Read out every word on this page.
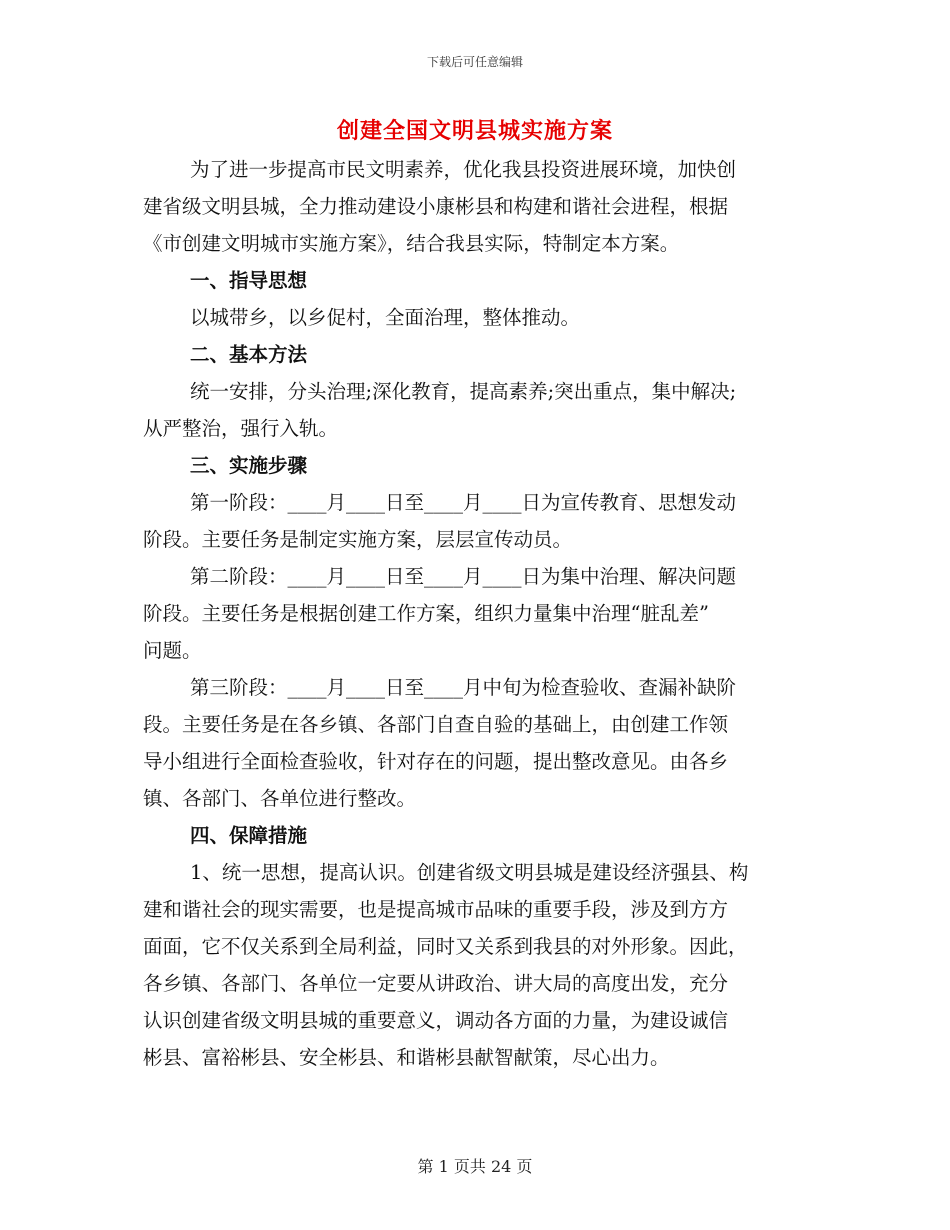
下载后可任意编辑
创建全国文明县城实施方案
为了进一步提高市民文明素养，优化我县投资进展环境，加快创
建省级文明县城，全力推动建设小康彬县和构建和谐社会进程，根据
《市创建文明城市实施方案》，结合我县实际，特制定本方案。
一、指导思想
以城带乡，以乡促村，全面治理，整体推动。
二、基本方法
统一安排，分头治理;深化教育，提高素养;突出重点，集中解决;
从严整治，强行入轨。
三、实施步骤
第一阶段：____月____日至____月____日为宣传教育、思想发动
阶段。主要任务是制定实施方案，层层宣传动员。
第二阶段：____月____日至____月____日为集中治理、解决问题
阶段。主要任务是根据创建工作方案，组织力量集中治理“脏乱差”
问题。
第三阶段：____月____日至____月中旬为检查验收、查漏补缺阶
段。主要任务是在各乡镇、各部门自查自验的基础上，由创建工作领
导小组进行全面检查验收，针对存在的问题，提出整改意见。由各乡
镇、各部门、各单位进行整改。
四、保障措施
1、统一思想，提高认识。创建省级文明县城是建设经济强县、构
建和谐社会的现实需要，也是提高城市品味的重要手段，涉及到方方
面面，它不仅关系到全局利益，同时又关系到我县的对外形象。因此，
各乡镇、各部门、各单位一定要从讲政治、讲大局的高度出发，充分
认识创建省级文明县城的重要意义，调动各方面的力量，为建设诚信
彬县、富裕彬县、安全彬县、和谐彬县献智献策，尽心出力。
第 1 页共 24 页
